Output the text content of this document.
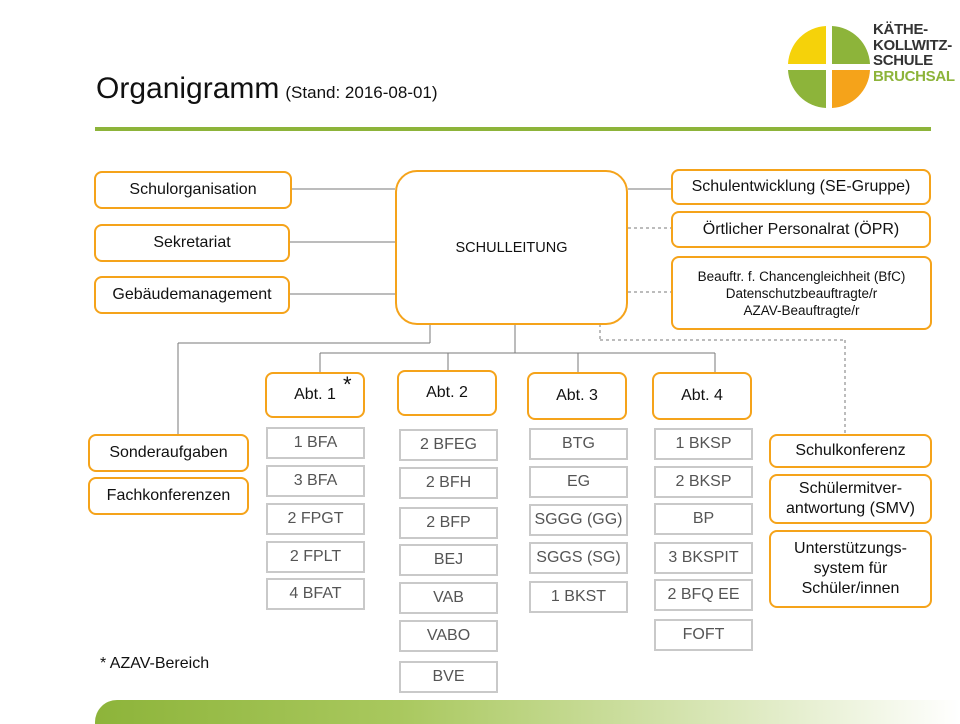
Organigramm (Stand: 2016-08-01)
KÄTHE-
KOLLWITZ-
SCHULE
BRUCHSAL
Schulorganisation
Sekretariat
Gebäudemanagement
SCHULLEITUNG
Schulentwicklung (SE-Gruppe)
Örtlicher Personalrat (ÖPR)
Beauftr. f. Chancengleichheit (BfC)
Datenschutzbeauftragte/r
AZAV-Beauftragte/r
Sonderaufgaben
Fachkonferenzen
Schulkonferenz
Schülermitver-antwortung (SMV)
Unterstützungs-system für Schüler/innen
Abt. 1 *	Abt. 2	Abt. 3	Abt. 4
1 BFA
3 BFA
2 FPGT
2 FPLT
4 BFAT
2 BFEG
2 BFH
2 BFP
BEJ
VAB
VABO
BVE
BTG
EG
SGGG (GG)
SGGS (SG)
1 BKST
1 BKSP
2 BKSP
BP
3 BKSPIT
2 BFQ EE
FOFT
* AZAV-Bereich
